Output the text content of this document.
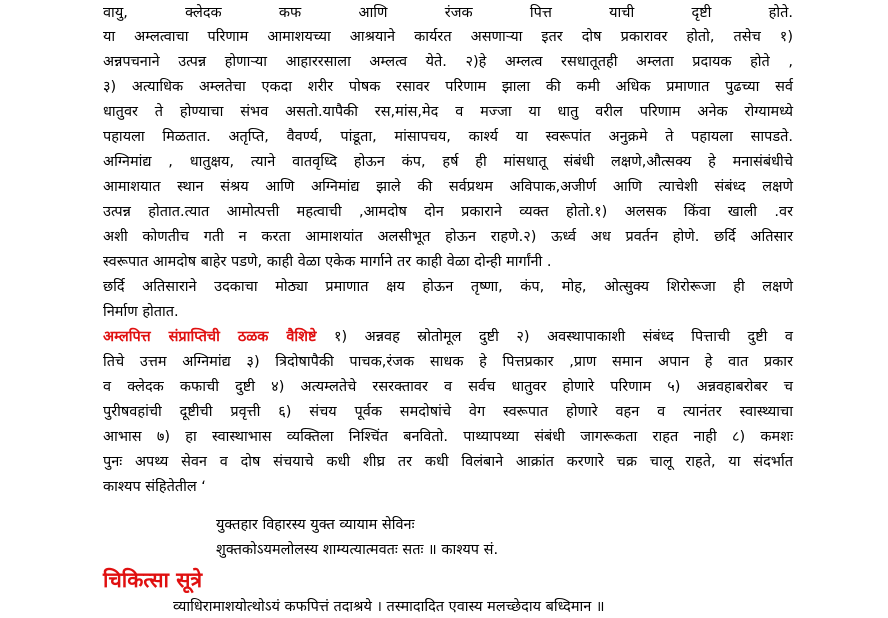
वायु, क्लेदक कफ आणि रंजक पित्त याची दृष्टी होते.
या अम्लत्वाचा परिणाम आमाशयच्या आश्रयाने कार्यरत असणाऱ्या इतर दोष प्रकारावर होतो, तसेच १)
अन्नपचनाने उत्पन्न होणाऱ्या आहाररसाला अम्लत्व येते. २)हे अम्लत्व रसधातूतही अम्लता प्रदायक होते ,
३) अत्याधिक अम्लतेचा एकदा शरीर पोषक रसावर परिणाम झाला की कमी अधिक प्रमाणात पुढच्या सर्व
धातुवर ते होण्याचा संभव असतो.यापैकी रस,मांस,मेद व मज्जा या धातु वरील परिणाम अनेक रोग्यामध्ये
पहायला मिळतात. अतृप्ति, वैवर्ण्य, पांडूता, मांसापचय, कार्श्य या स्वरूपांत अनुक्रमे ते पहायला सापडते.
अग्निमांद्य , धातुक्षय, त्याने वातवृध्दि होऊन कंप, हर्ष ही मांसधातू संबंधी लक्षणे,औत्सक्य हे मनासंबंधीचे
आमाशयात स्थान संश्रय आणि अग्निमांद्य झाले की सर्वप्रथम अविपाक,अजीर्ण आणि त्याचेशी संबंध्द लक्षणे
उत्पन्न होतात.त्यात आमोत्पत्ती महत्वाची ,आमदोष दोन प्रकाराने व्यक्त होतो.१) अलसक किंवा खाली .वर
अशी कोणतीच गती न करता आमाशयांत अलसीभूत होऊन राहणे.२) ऊर्ध्व अध प्रवर्तन होणे. छर्दि अतिसार
स्वरूपात आमदोष बाहेर पडणे, काही वेळा एकेक मार्गाने तर काही वेळा दोन्ही मार्गांनी .
छर्दि अतिसाराने उदकाचा मोठ्या प्रमाणात क्षय होऊन तृष्णा, कंप, मोह, ओत्सुक्य शिरोरूजा ही लक्षणे
निर्माण होतात.
अम्लपित्त संप्राप्तिची ठळक वैशिष्टे १) अन्नवह स्रोतोमूल दुष्टी २) अवस्थापाकाशी संबंध्द पित्ताची दुष्टी व
तिचे उत्तम अग्निमांद्य ३) त्रिदोषापैकी पाचक,रंजक साधक हे पित्तप्रकार ,प्राण समान अपान हे वात प्रकार
व क्लेदक कफाची दुष्टी ४) अत्यम्लतेचे रसरक्तावर व सर्वच धातुवर होणारे परिणाम ५) अन्नवहाबरोबर च
पुरीषवहांची दूष्टीची प्रवृत्ती ६) संचय पूर्वक समदोषांचे वेग स्वरूपात होणारे वहन व त्यानंतर स्वास्थ्याचा
आभास ७) हा स्वास्थाभास व्यक्तिला निश्चिंत बनवितो. पाथ्यापथ्या संबंधी जागरूकता राहत नाही ८) कमशः
पुनः अपथ्य सेवन व दोष संचयाचे कधी शीघ्र तर कधी विलंबाने आक्रांत करणारे चक्र चालू राहते, या संदर्भात
काश्यप संहितेतील ‘
युक्तहार विहारस्य युक्त व्यायाम सेविनः
शुक्तकोऽयमलोलस्य शाम्यत्यात्मवतः सतः ॥ काश्यप सं.
चिकित्सा सूत्रे
व्याधिरामाशयोत्थोऽयं कफपित्तं तदाश्रये । तस्मादादित एवास्य मलच्छेदाय बध्दिमान ॥
